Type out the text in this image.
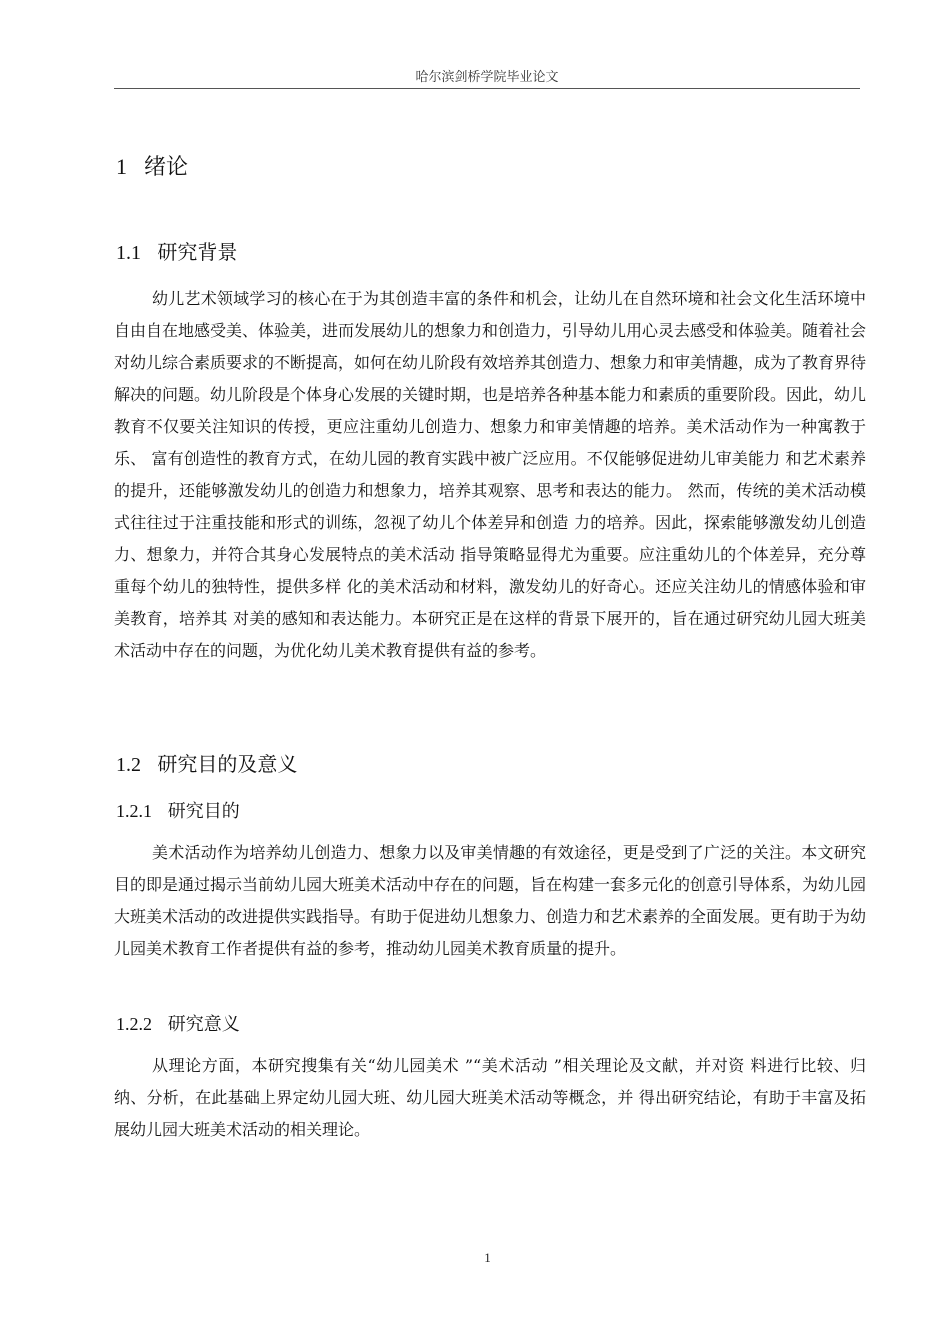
哈尔滨剑桥学院毕业论文
1 绪论
1.1 研究背景

幼儿艺术领域学习的核心在于为其创造丰富的条件和机会，让幼儿在自然环境和社会文化生活环境中自由自在地感受美、体验美，进而发展幼儿的想象力和创造力，引导幼儿用心灵去感受和体验美。随着社会对幼儿综合素质要求的不断提高，如何在幼儿阶段有效培养其创造力、想象力和审美情趣，成为了教育界待解决的问题。幼儿阶段是个体身心发展的关键时期，也是培养各种基本能力和素质的重要阶段。因此，幼儿教育不仅要关注知识的传授，更应注重幼儿创造力、想象力和审美情趣的培养。美术活动作为一种寓教于乐、 富有创造性的教育方式，在幼儿园的教育实践中被广泛应用。不仅能够促进幼儿审美能力 和艺术素养的提升，还能够激发幼儿的创造力和想象力，培养其观察、思考和表达的能力。 然而，传统的美术活动模式往往过于注重技能和形式的训练，忽视了幼儿个体差异和创造 力的培养。因此，探索能够激发幼儿创造力、想象力，并符合其身心发展特点的美术活动 指导策略显得尤为重要。应注重幼儿的个体差异，充分尊重每个幼儿的独特性，提供多样 化的美术活动和材料，激发幼儿的好奇心。还应关注幼儿的情感体验和审美教育，培养其 对美的感知和表达能力。本研究正是在这样的背景下展开的，旨在通过研究幼儿园大班美 术活动中存在的问题，为优化幼儿美术教育提供有益的参考。

1.2 研究目的及意义
1.2.1 研究目的

美术活动作为培养幼儿创造力、想象力以及审美情趣的有效途径，更是受到了广泛的关注。本文研究目的即是通过揭示当前幼儿园大班美术活动中存在的问题，旨在构建一套多元化的创意引导体系，为幼儿园大班美术活动的改进提供实践指导。有助于促进幼儿想象力、创造力和艺术素养的全面发展。更有助于为幼儿园美术教育工作者提供有益的参考，推动幼儿园美术教育质量的提升。

1.2.2 研究意义

从理论方面，本研究搜集有关“幼儿园美术 ”“美术活动 ”相关理论及文献，并对资 料进行比较、归纳、分析，在此基础上界定幼儿园大班、幼儿园大班美术活动等概念，并 得出研究结论，有助于丰富及拓展幼儿园大班美术活动的相关理论。

1
